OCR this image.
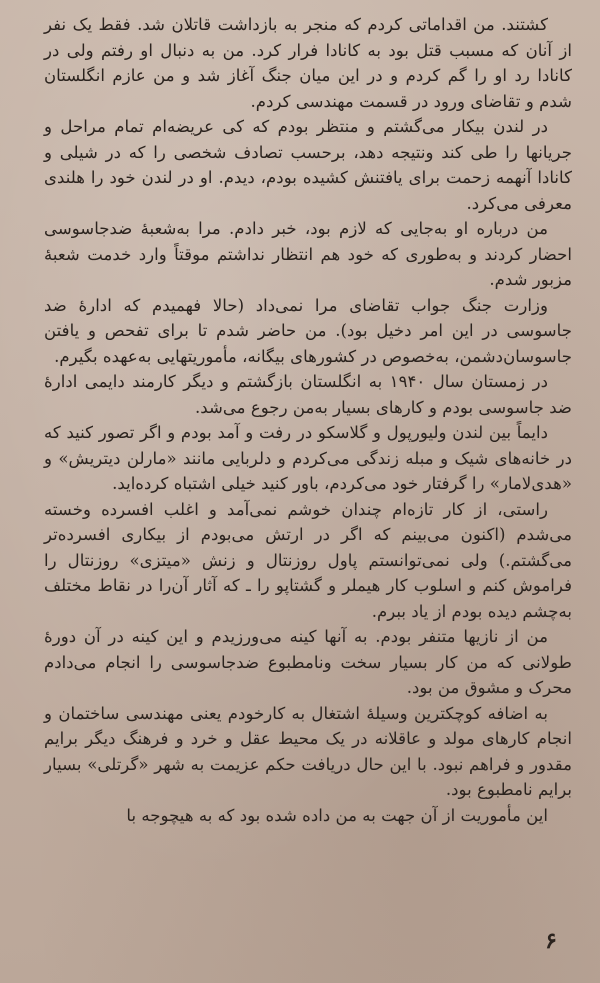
کشتند. من اقداماتی کردم که منجر به بازداشت قاتلان شد. فقط یک نفر از آنان که مسبب قتل بود به کانادا فرار کرد. من به دنبال او رفتم ولی در کانادا رد او را گم کردم و در این میان جنگ آغاز شد و من عازم انگلستان شدم و تقاضای ورود در قسمت مهندسی کردم.

در لندن بیکار می‌گشتم و منتظر بودم که کی عریضه‌ام تمام مراحل و جریانها را طی کند ونتیجه دهد، برحسب تصادف شخصی را که در شیلی و کانادا آنهمه زحمت برای یافتنش کشیده بودم، دیدم. او در لندن خود را هلندی معرفی می‌کرد.

من درباره او به‌جایی که لازم بود، خبر دادم. مرا به‌شعبهٔ ضدجاسوسی احضار کردند و به‌طوری که خود هم انتظار نداشتم موقتاً وارد خدمت شعبهٔ مزبور شدم.

وزارت جنگ جواب تقاضای مرا نمی‌داد (حالا فهمیدم که ادارهٔ ضد جاسوسی در این امر دخیل بود). من حاضر شدم تا برای تفحص و یافتن جاسوسان‌دشمن، به‌خصوص در کشورهای بیگانه، مأموریتهایی به‌عهده بگیرم.

در زمستان سال ۱۹۴۰ به انگلستان بازگشتم و دیگر کارمند دایمی ادارهٔ ضد جاسوسی بودم و کارهای بسیار به‌من رجوع می‌شد.

دایماً بین لندن ولیورپول و گلاسکو در رفت و آمد بودم و اگر تصور کنید که در خانه‌های شیک و مبله زندگی می‌کردم و دلربایی مانند «مارلن دیتریش» و «هدی‌لامار» را گرفتار خود می‌کردم، باور کنید خیلی اشتباه کرده‌اید.

راستی، از کار تازه‌ام چندان خوشم نمی‌آمد و اغلب افسرده وخسته می‌شدم (اکنون می‌بینم که اگر در ارتش می‌بودم از بیکاری افسرده‌تر می‌گشتم.) ولی نمی‌توانستم پاول روزنتال و زنش «میتزی» روزنتال را فراموش کنم و اسلوب کار هیملر و گشتاپو را ـ که آثار آن‌را در نقاط مختلف به‌چشم دیده بودم از یاد ببرم.

من از نازیها متنفر بودم. به آنها کینه می‌ورزیدم و این کینه در آن دورهٔ طولانی که من کار بسیار سخت ونامطبوع ضدجاسوسی را انجام می‌دادم محرک و مشوق من بود.

به اضافه کوچکترین وسیلهٔ اشتغال به کارخودم یعنی مهندسی ساختمان و انجام کارهای مولد و عاقلانه در یک محیط عقل و خرد و فرهنگ دیگر برایم مقدور و فراهم نبود. با این حال دریافت حکم عزیمت به شهر «گرتلی» بسیار برایم نامطبوع بود.

این مأموریت از آن جهت به من داده شده بود که به هیچوجه با

۶
